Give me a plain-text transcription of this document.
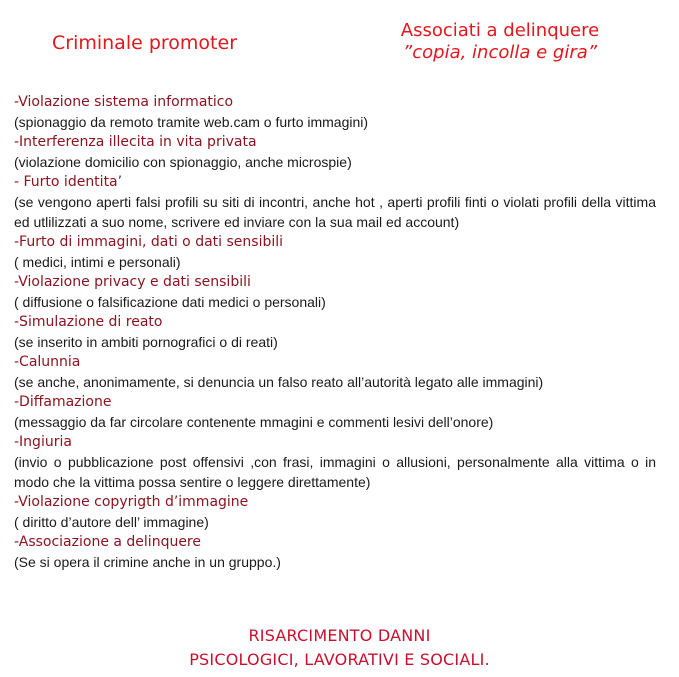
Criminale promoter
Associati a delinquere
”copia, incolla e gira”
-Violazione sistema informatico
(spionaggio da remoto tramite web.cam o furto immagini)
-Interferenza illecita in vita privata
(violazione domicilio con spionaggio, anche microspie)
- Furto identita’
(se vengono aperti falsi profili su siti di incontri, anche hot , aperti profili finti o violati profili della vittima ed utlilizzati a suo nome, scrivere ed inviare con la sua mail ed account)
-Furto di immagini, dati o dati sensibili
( medici, intimi e personali)
-Violazione privacy e dati sensibili
( diffusione o falsificazione dati medici o personali)
-Simulazione di reato
(se inserito in ambiti pornografici o di reati)
-Calunnia
(se anche, anonimamente, si denuncia un falso reato all’autorità legato alle immagini)
-Diffamazione
(messaggio da far circolare contenente mmagini e commenti lesivi dell’onore)
-Ingiuria
(invio o pubblicazione post offensivi ,con frasi, immagini o allusioni, personalmente alla vittima o in modo che la vittima possa sentire o leggere direttamente)
-Violazione copyrigth d’immagine
( diritto d’autore dell’ immagine)
-Associazione a delinquere
(Se si opera il crimine anche in un gruppo.)
RISARCIMENTO DANNI
PSICOLOGICI, LAVORATIVI E SOCIALI.
